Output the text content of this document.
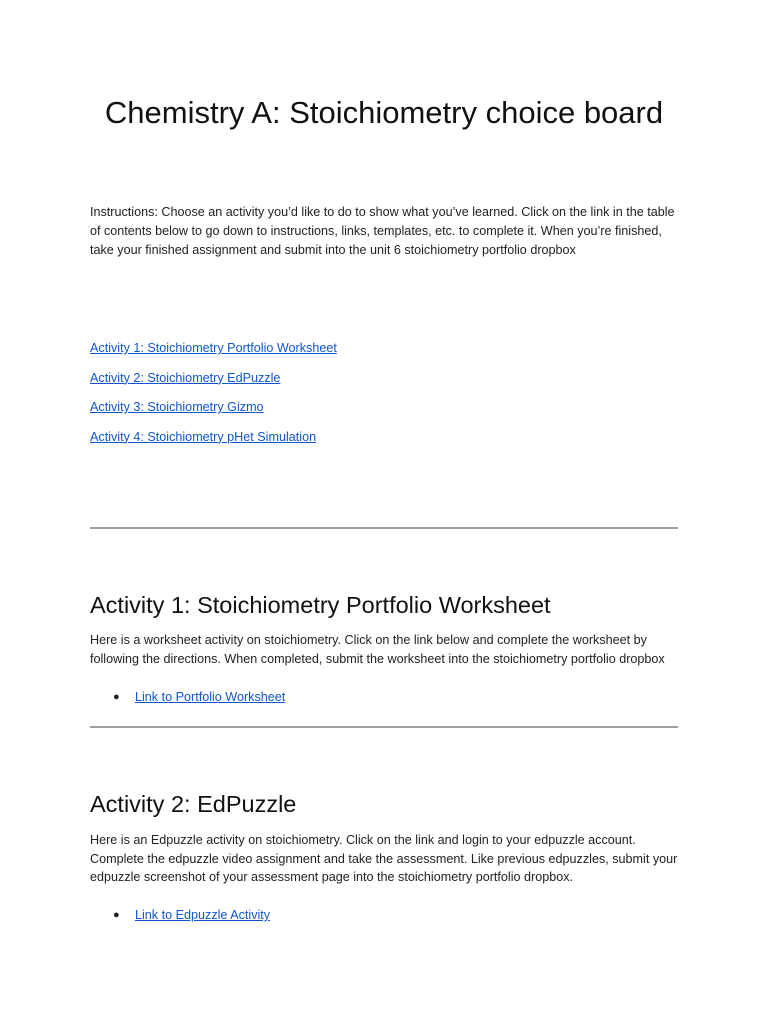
Chemistry A: Stoichiometry choice board

Instructions: Choose an activity you’d like to do to show what you’ve learned. Click on the link in the table of contents below to go down to instructions, links, templates, etc. to complete it. When you’re finished, take your finished assignment and submit into the unit 6 stoichiometry portfolio dropbox

Activity 1: Stoichiometry Portfolio Worksheet
Activity 2: Stoichiometry EdPuzzle
Activity 3: Stoichiometry Gizmo
Activity 4: Stoichiometry pHet Simulation
Activity 1: Stoichiometry Portfolio Worksheet

Here is a worksheet activity on stoichiometry. Click on the link below and complete the worksheet by following the directions. When completed, submit the worksheet into the stoichiometry portfolio dropbox

● Link to Portfolio Worksheet
Activity 2: EdPuzzle

Here is an Edpuzzle activity on stoichiometry. Click on the link and login to your edpuzzle account. Complete the edpuzzle video assignment and take the assessment. Like previous edpuzzles, submit your edpuzzle screenshot of your assessment page into the stoichiometry portfolio dropbox.

● Link to Edpuzzle Activity
